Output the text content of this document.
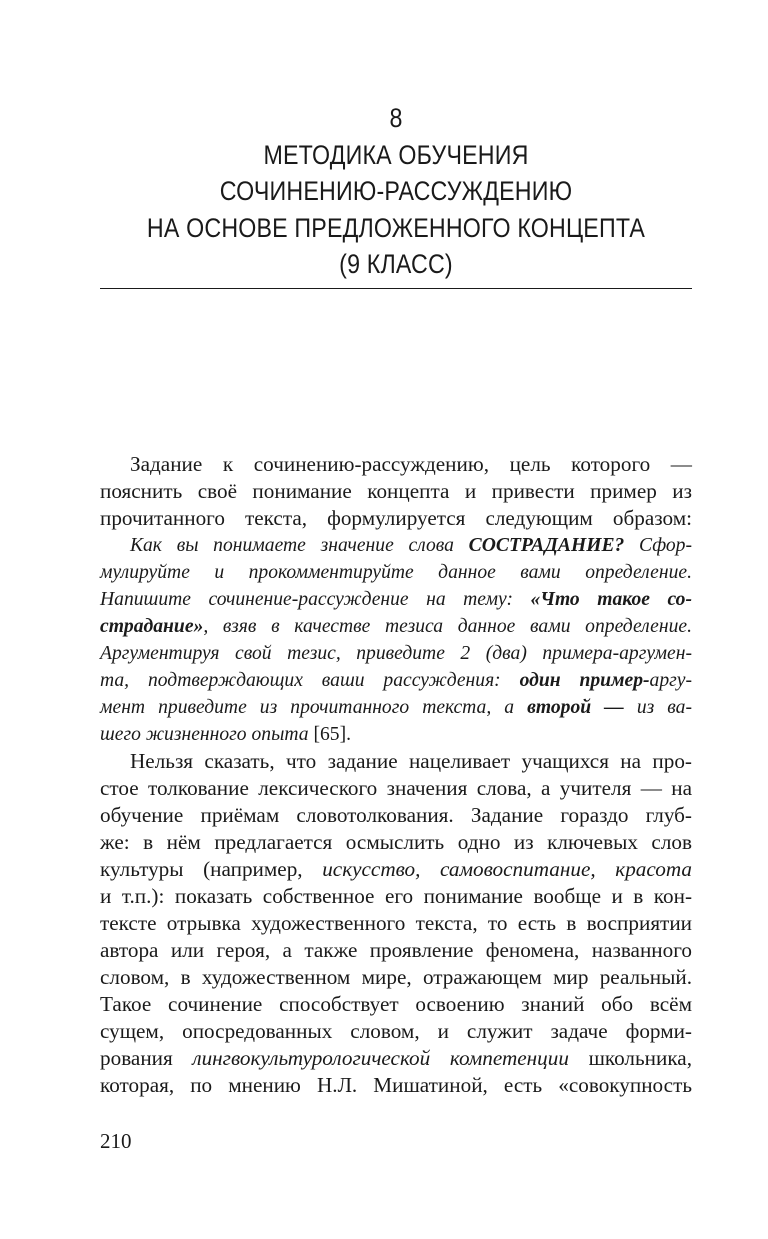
8
МЕТОДИКА ОБУЧЕНИЯ
СОЧИНЕНИЮ-РАССУЖДЕНИЮ
НА ОСНОВЕ ПРЕДЛОЖЕННОГО КОНЦЕПТА
(9 КЛАСС)
Задание к сочинению-рассуждению, цель которого —
пояснить своё понимание концепта и привести пример из
прочитанного текста, формулируется следующим образом:
Как вы понимаете значение слова СОСТРАДАНИЕ? Сфор-
мулируйте и прокомментируйте данное вами определение.
Напишите сочинение-рассуждение на тему: «Что такое со-
страдание», взяв в качестве тезиса данное вами определение.
Аргументируя свой тезис, приведите 2 (два) примера-аргумен-
та, подтверждающих ваши рассуждения: один пример-аргу-
мент приведите из прочитанного текста, а второй — из ва-
шего жизненного опыта [65].
Нельзя сказать, что задание нацеливает учащихся на про-
стое толкование лексического значения слова, а учителя — на
обучение приёмам словотолкования. Задание гораздо глуб-
же: в нём предлагается осмыслить одно из ключевых слов
культуры (например, искусство, самовоспитание, красота
и т.п.): показать собственное его понимание вообще и в кон-
тексте отрывка художественного текста, то есть в восприятии
автора или героя, а также проявление феномена, названного
словом, в художественном мире, отражающем мир реальный.
Такое сочинение способствует освоению знаний обо всём
сущем, опосредованных словом, и служит задаче форми-
рования лингвокультурологической компетенции школьника,
которая, по мнению Н.Л. Мишатиной, есть «совокупность
210
